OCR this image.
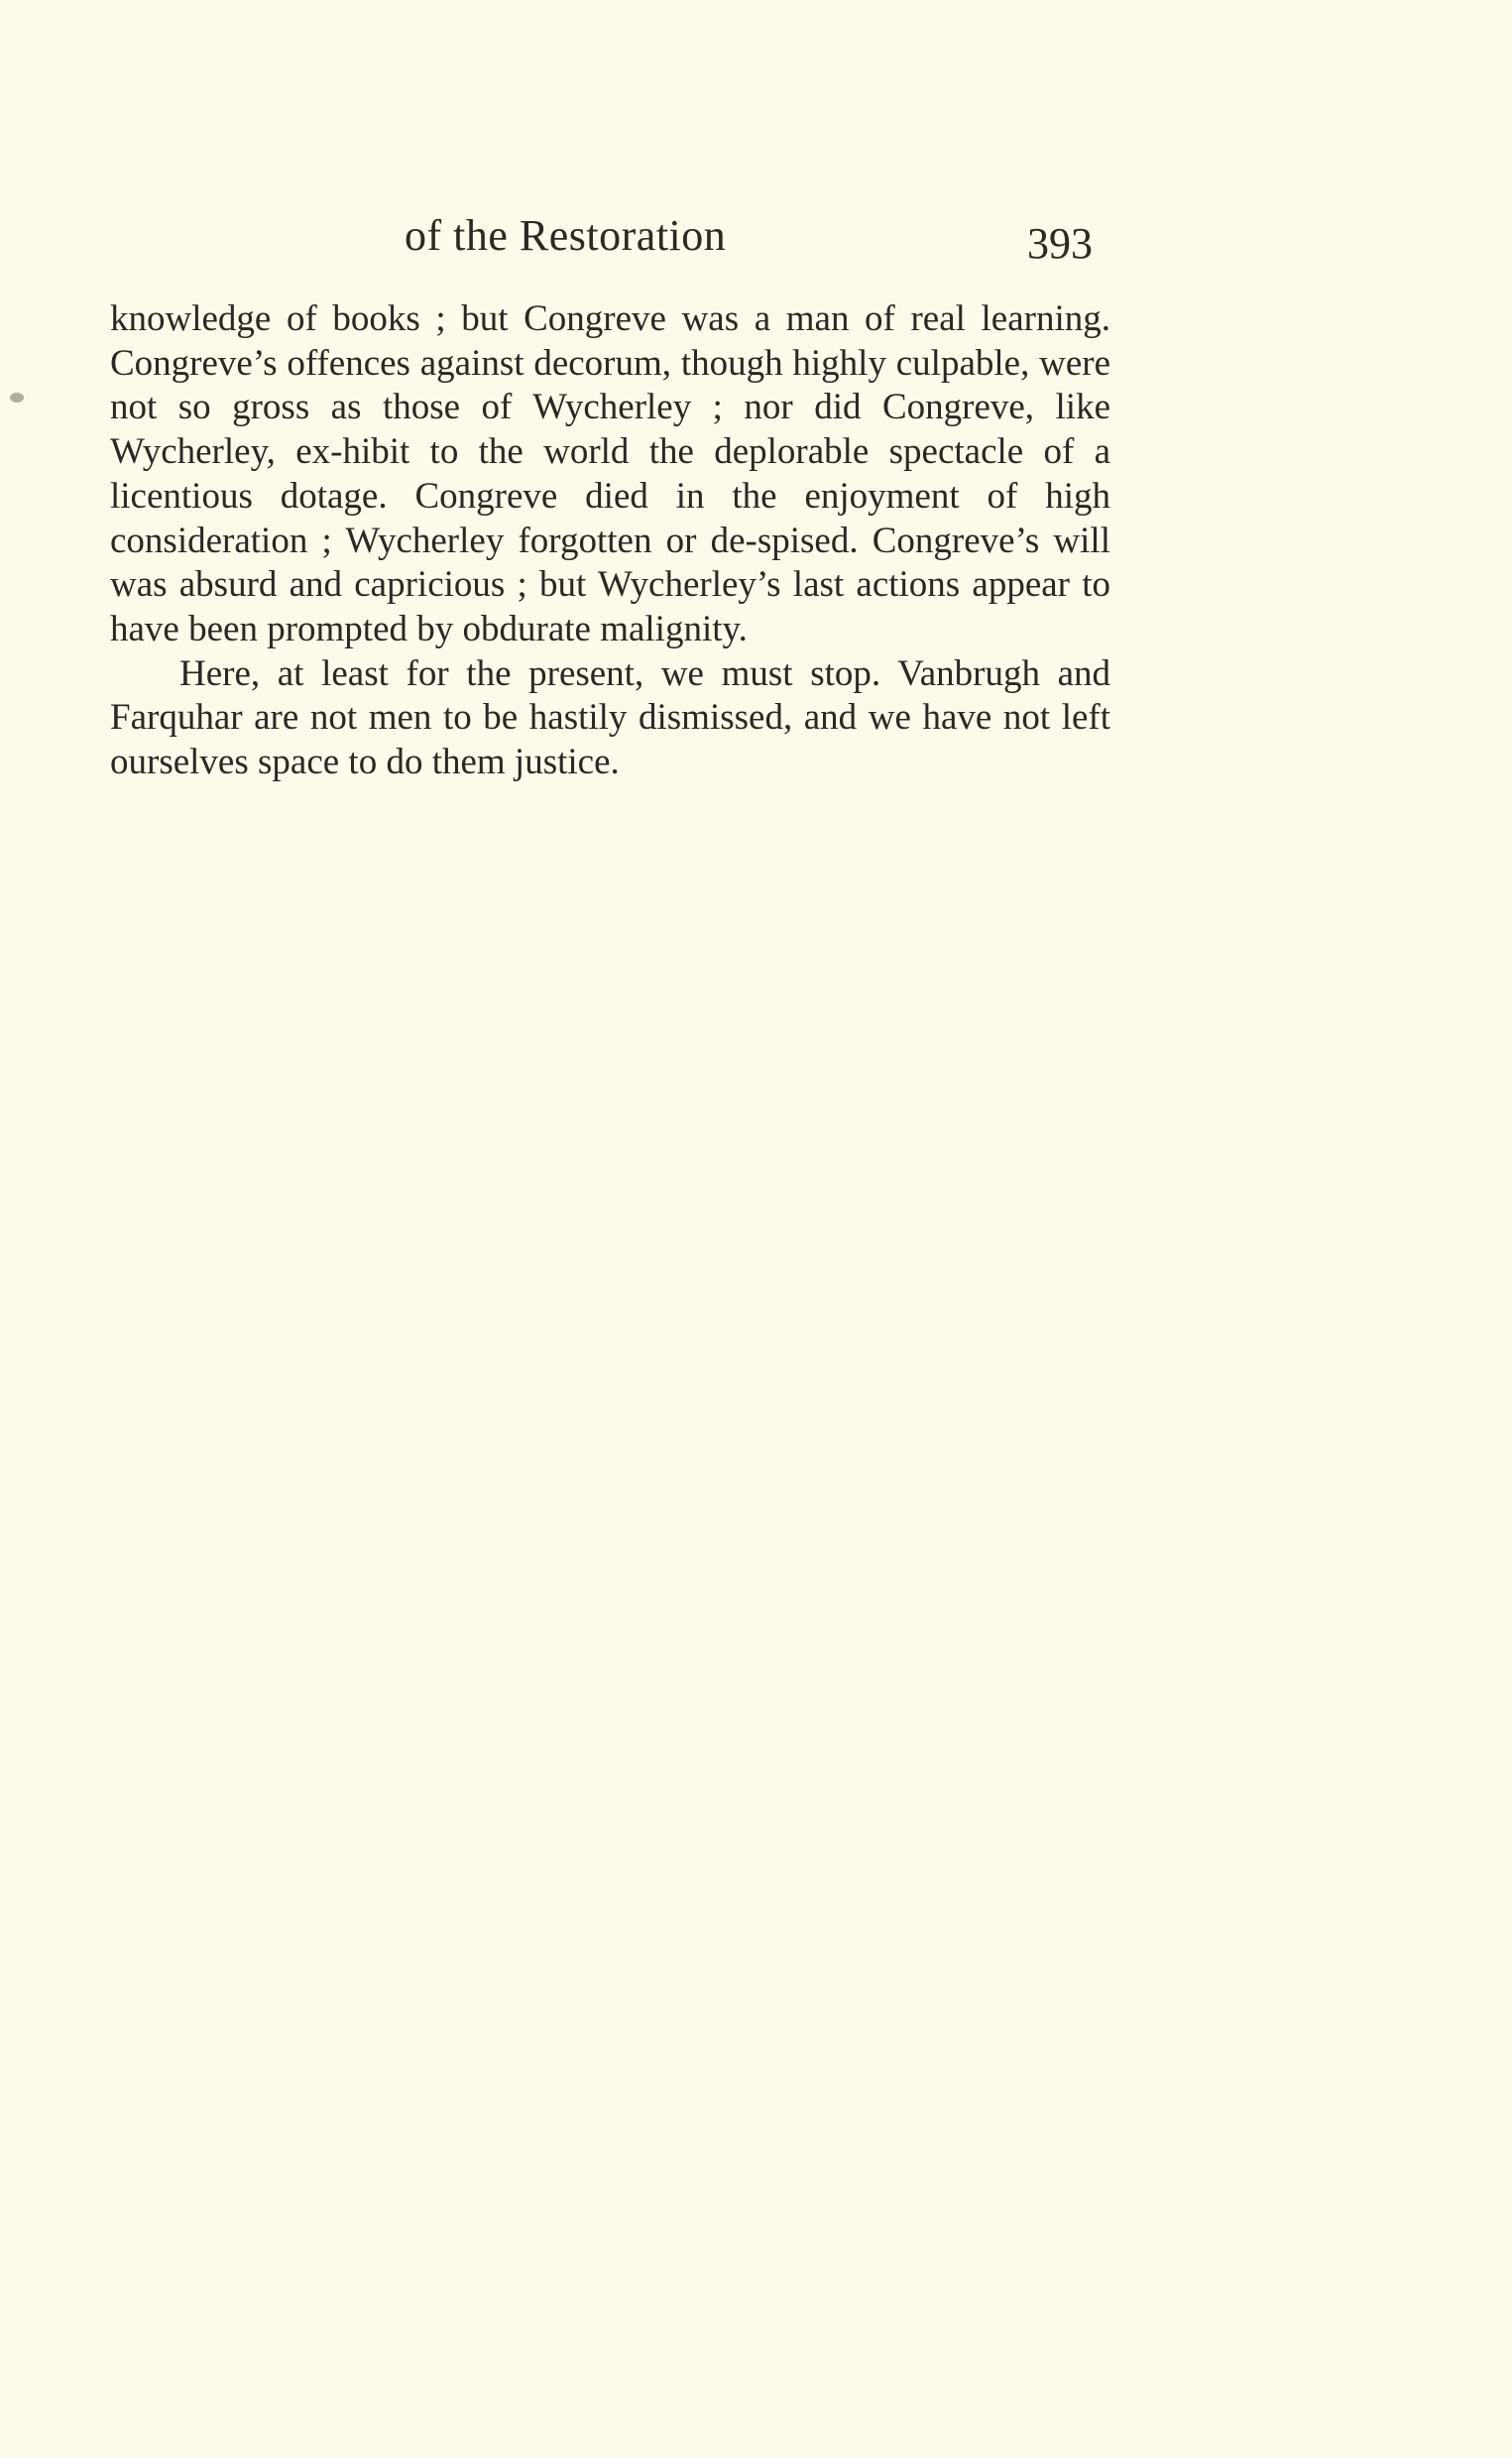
of the Restoration	393

knowledge of books ; but Congreve was a man of real learning. Congreve’s offences against decorum, though highly culpable, were not so gross as those of Wycherley ; nor did Congreve, like Wycherley, ex-hibit to the world the deplorable spectacle of a licentious dotage. Congreve died in the enjoyment of high consideration ; Wycherley forgotten or de-spised. Congreve’s will was absurd and capricious ; but Wycherley’s last actions appear to have been prompted by obdurate malignity.

Here, at least for the present, we must stop. Vanbrugh and Farquhar are not men to be hastily dismissed, and we have not left ourselves space to do them justice.
